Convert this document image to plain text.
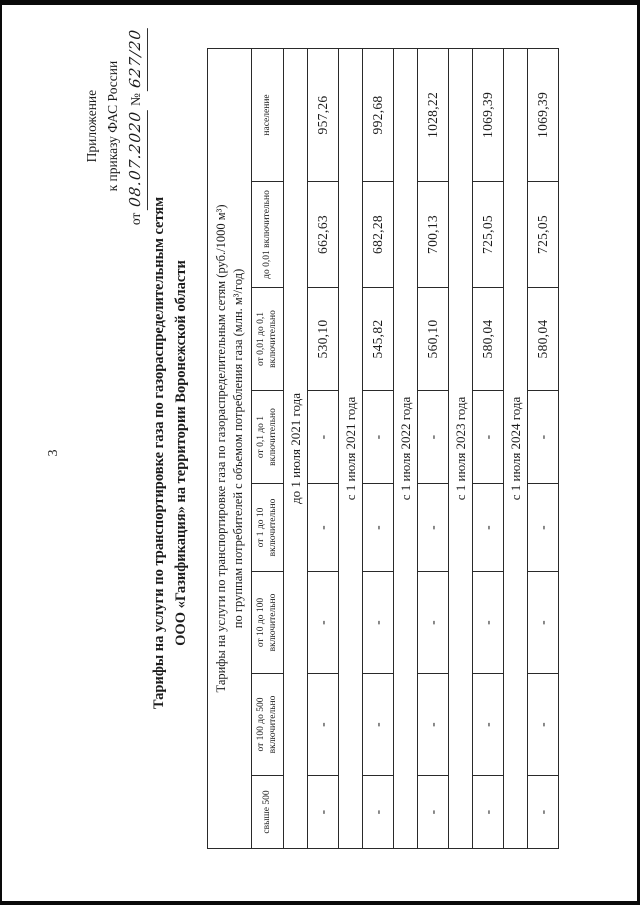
3
Приложение к приказу ФАС России
от 08.07.2020 № 627/20
Тарифы на услуги по транспортировке газа по газораспределительным сетям ООО «Газификация» на территории Воронежской области	Тарифы на услуги по транспортировке газа по газораспределительным сетям (руб./1000 м³) по группам потребителей с объемом потребления газа (млн. м³/год)							

свыше 500	от 100 до 500 включительно	от 10 до 100 включительно	от 1 до 10 включительно	от 0,1 до 1 включительно	от 0,01 до 0,1 включительно	до 0,01 включительно	население
до 1 июля 2021 года							
-	-	-	-	-	530,10	662,63	957,26
с 1 июля 2021 года							
-	-	-	-	-	545,82	682,28	992,68
с 1 июля 2022 года							
-	-	-	-	-	560,10	700,13	1028,22
с 1 июля 2023 года							
-	-	-	-	-	580,04	725,05	1069,39
с 1 июля 2024 года							
-	-	-	-	-	580,04	725,05	1069,39
